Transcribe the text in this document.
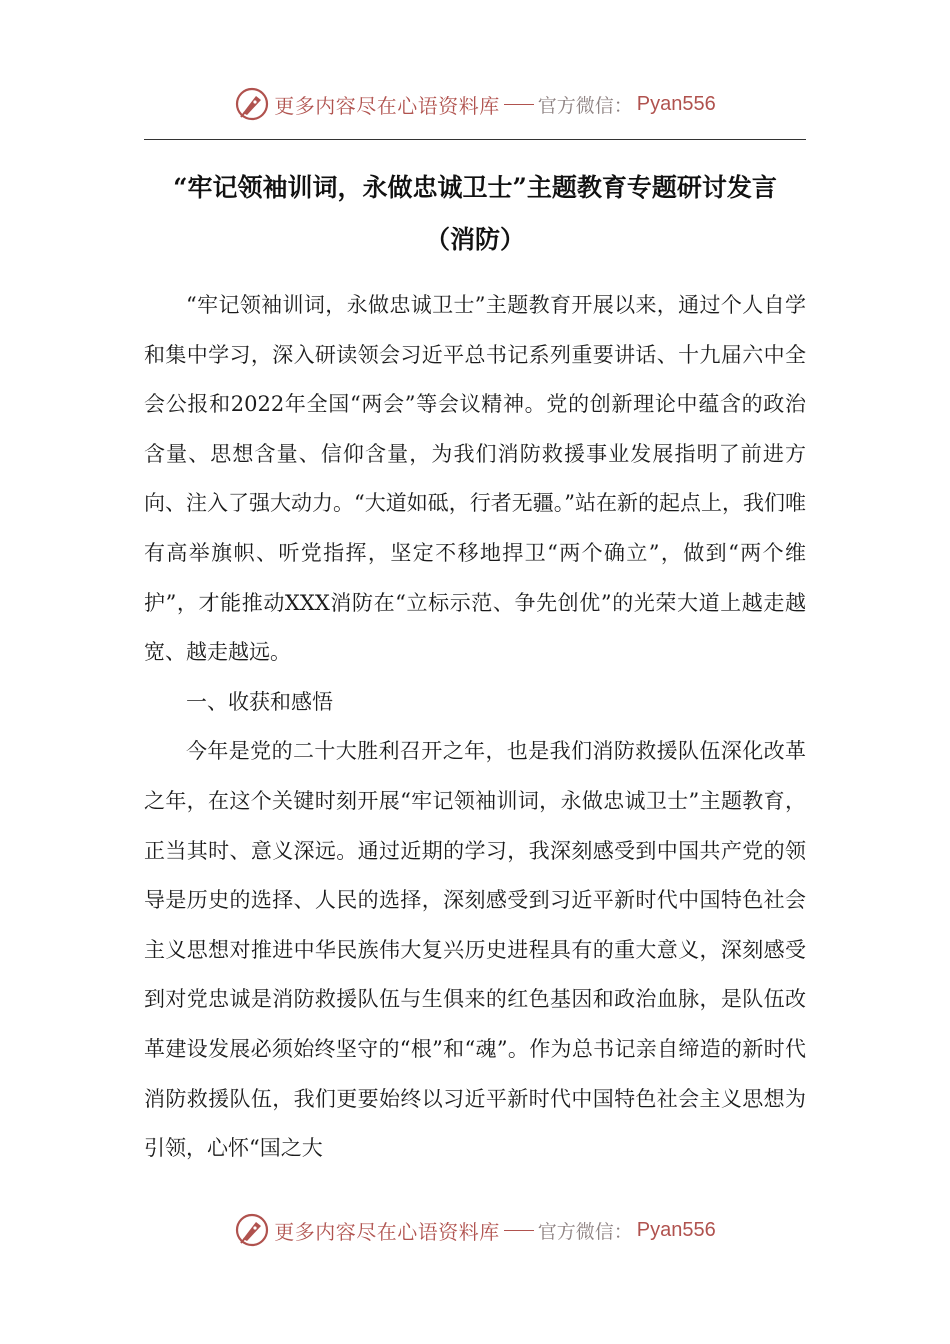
更多内容尽在心语资料库 官方微信： Pyan556
“牢记领袖训词，永做忠诚卫士”主题教育专题研讨发言
（消防）

“牢记领袖训词，永做忠诚卫士”主题教育开展以来，通过个人自学和集中学习，深入研读领会习近平总书记系列重要讲话、十九届六中全会公报和2022年全国“两会”等会议精神。党的创新理论中蕴含的政治含量、思想含量、信仰含量，为我们消防救援事业发展指明了前进方向、注入了强大动力。“大道如砥，行者无疆。”站在新的起点上，我们唯有高举旗帜、听党指挥，坚定不移地捍卫“两个确立”，做到“两个维护”，才能推动XXX消防在“立标示范、争先创优”的光荣大道上越走越宽、越走越远。

一、收获和感悟

今年是党的二十大胜利召开之年，也是我们消防救援队伍深化改革之年，在这个关键时刻开展“牢记领袖训词，永做忠诚卫士”主题教育，正当其时、意义深远。通过近期的学习，我深刻感受到中国共产党的领导是历史的选择、人民的选择，深刻感受到习近平新时代中国特色社会主义思想对推进中华民族伟大复兴历史进程具有的重大意义，深刻感受到对党忠诚是消防救援队伍与生俱来的红色基因和政治血脉，是队伍改革建设发展必须始终坚守的“根”和“魂”。作为总书记亲自缔造的新时代消防救援队伍，我们更要始终以习近平新时代中国特色社会主义思想为引领，心怀“国之大

更多内容尽在心语资料库 官方微信： Pyan556
